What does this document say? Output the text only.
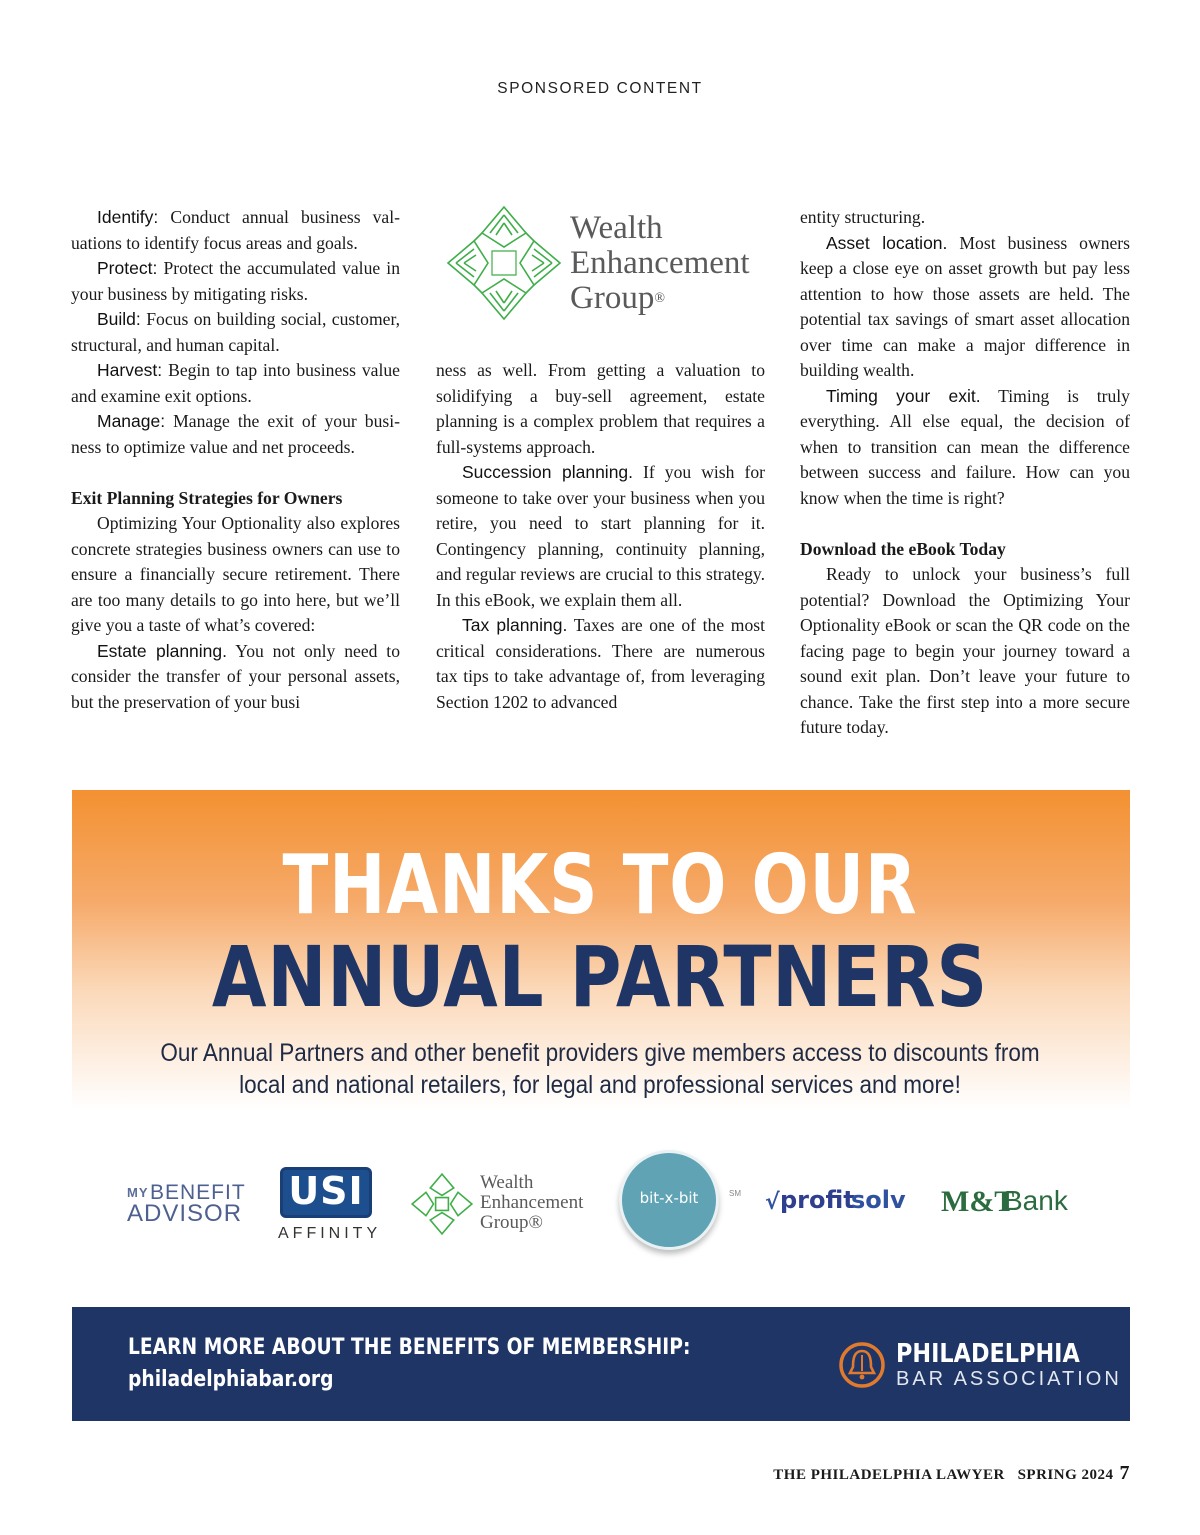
SPONSORED CONTENT

Identify: Conduct annual business valuations to identify focus areas and goals.

Protect: Protect the accumulated value in your business by mitigating risks.

Build: Focus on building social, customer, structural, and human capital.

Harvest: Begin to tap into business value and examine exit options.

Manage: Manage the exit of your business to optimize value and net proceeds.

Exit Planning Strategies for Owners

Optimizing Your Optionality also explores concrete strategies business owners can use to ensure a financially secure retirement. There are too many details to go into here, but we’ll give you a taste of what’s covered:

Estate planning. You not only need to consider the transfer of your personal assets, but the preservation of your busi

Wealth
Enhancement
Group®

ness as well. From getting a valuation to solidifying a buy-sell agreement, estate planning is a complex problem that requires a full-systems approach.

Succession planning. If you wish for someone to take over your business when you retire, you need to start planning for it. Contingency planning, continuity planning, and regular reviews are crucial to this strategy. In this eBook, we explain them all.

Tax planning. Taxes are one of the most critical considerations. There are numerous tax tips to take advantage of, from leveraging Section 1202 to advanced

entity structuring.

Asset location. Most business owners keep a close eye on asset growth but pay less attention to how those assets are held. The potential tax savings of smart asset allocation over time can make a major difference in building wealth.

Timing your exit. Timing is truly everything. All else equal, the decision of when to transition can mean the difference between success and failure. How can you know when the time is right?

Download the eBook Today

Ready to unlock your business’s full potential? Download the Optimizing Your Optionality eBook or scan the QR code on the facing page to begin your journey toward a sound exit plan. Don’t leave your future to chance. Take the first step into a more secure future today.

THANKS TO OUR
ANNUAL PARTNERS
Our Annual Partners and other benefit providers give members access to discounts from local and national retailers, for legal and professional services and more!
MY BENEFIT
ADVISOR
USI
AFFINITY
Wealth
Enhancement
Group®
bit-x-bit	SM √ profit
solv M&T
Bank
LEARN MORE ABOUT THE BENEFITS OF MEMBERSHIP:
philadelphiabar.org
PHILADELPHIA
BAR ASSOCIATION
THE PHILADELPHIA LAWYER   SPRING 2024 7
